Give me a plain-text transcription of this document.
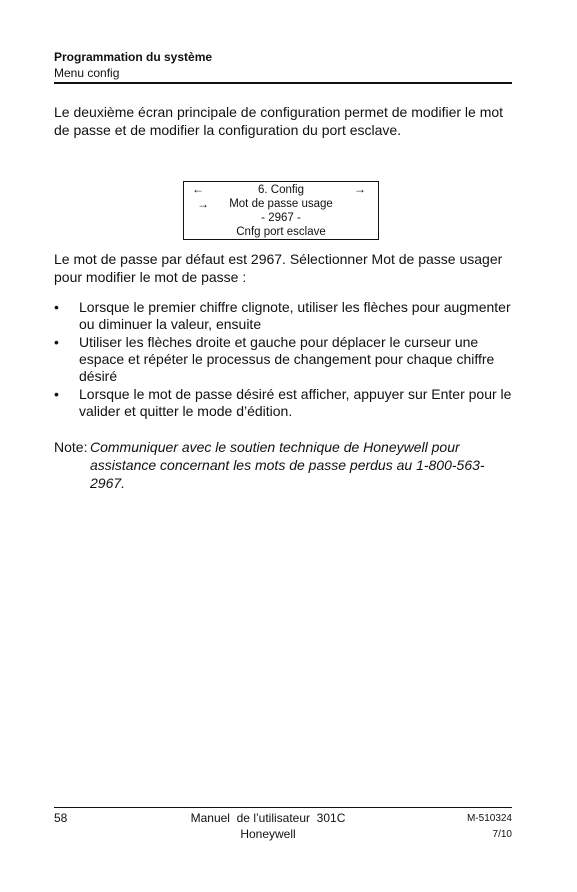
Programmation du système
Menu config

Le deuxième écran principale de configuration permet de modifier le mot de passe et de modifier la configuration du port esclave.

←	→
→
6. Config
Mot de passe usage
- 2967 -
Cnfg port esclave

Le mot de passe par défaut est 2967. Sélectionner Mot de passe usager pour modifier le mot de passe :

• Lorsque le premier chiffre clignote, utiliser les flèches pour augmenter ou diminuer la valeur, ensuite
• Utiliser les flèches droite et gauche pour déplacer le curseur une espace et répéter le processus de changement pour chaque chiffre désiré
• Lorsque le mot de passe désiré est afficher, appuyer sur Enter pour le valider et quitter le mode d’édition.
Note: Communiquer avec le soutien technique de Honeywell pour assistance concernant les mots de passe perdus au 1-800-563-2967.
58	Manuel  de l’utilisateur  301C
Honeywell
M-510324
7/10
